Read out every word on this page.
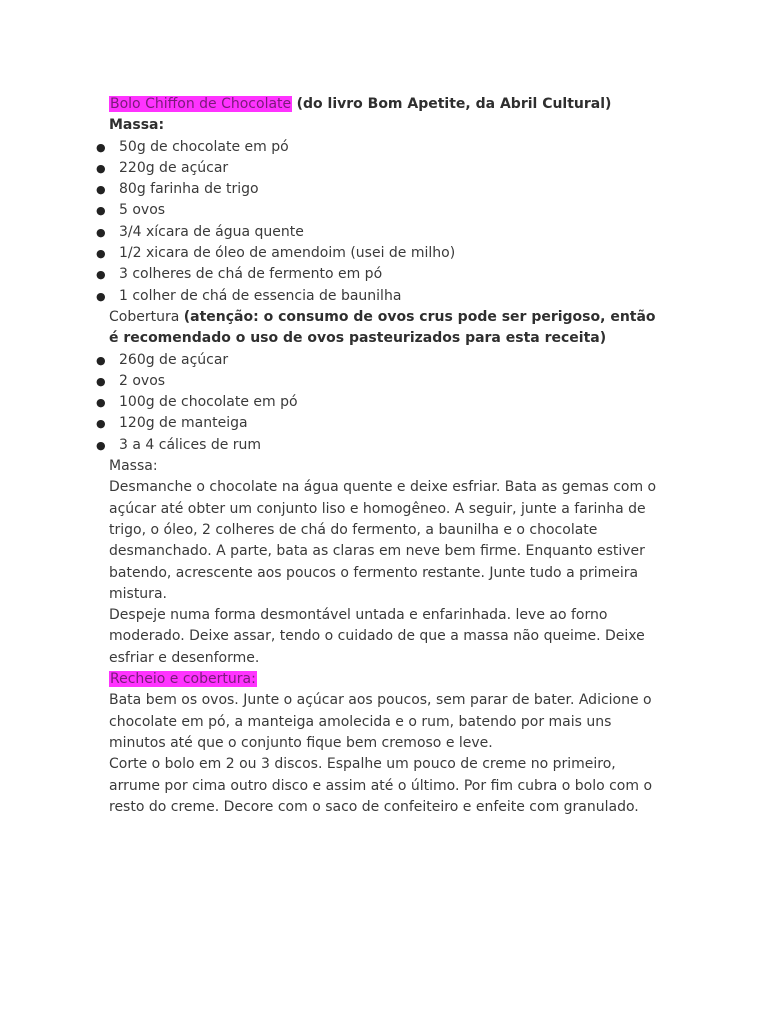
Bolo Chiffon de Chocolate (do livro Bom Apetite, da Abril Cultural)
Massa:
● 50g de chocolate em pó
● 220g de açúcar
● 80g farinha de trigo
● 5 ovos
● 3/4 xícara de água quente
● 1/2 xicara de óleo de amendoim (usei de milho)
● 3 colheres de chá de fermento em pó
● 1 colher de chá de essencia de baunilha
Cobertura (atenção: o consumo de ovos crus pode ser perigoso, então é recomendado o uso de ovos pasteurizados para esta receita)
● 260g de açúcar
● 2 ovos
● 100g de chocolate em pó
● 120g de manteiga
● 3 a 4 cálices de rum
Massa:
Desmanche o chocolate na água quente e deixe esfriar. Bata as gemas com o açúcar até obter um conjunto liso e homogêneo. A seguir, junte a farinha de trigo, o óleo, 2 colheres de chá do fermento, a baunilha e o chocolate desmanchado. A parte, bata as claras em neve bem firme. Enquanto estiver batendo, acrescente aos poucos o fermento restante. Junte tudo a primeira mistura.
Despeje numa forma desmontável untada e enfarinhada. leve ao forno moderado. Deixe assar, tendo o cuidado de que a massa não queime. Deixe esfriar e desenforme.
Recheio e cobertura:
Bata bem os ovos. Junte o açúcar aos poucos, sem parar de bater. Adicione o chocolate em pó, a manteiga amolecida e o rum, batendo por mais uns minutos até que o conjunto fique bem cremoso e leve.
Corte o bolo em 2 ou 3 discos. Espalhe um pouco de creme no primeiro, arrume por cima outro disco e assim até o último. Por fim cubra o bolo com o resto do creme. Decore com o saco de confeiteiro e enfeite com granulado.
